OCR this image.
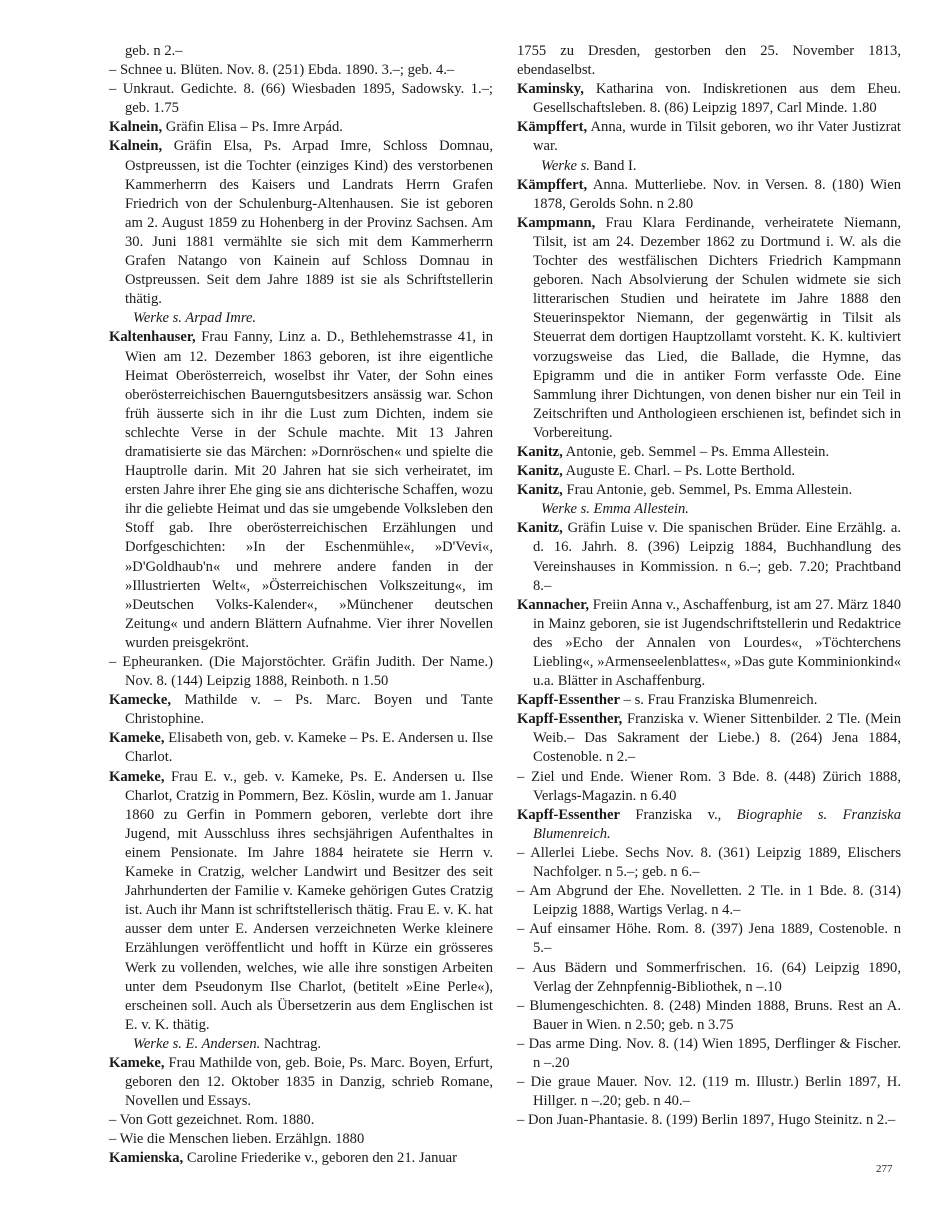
geb. n 2.–

– Schnee u. Blüten. Nov. 8. (251) Ebda. 1890. 3.–; geb. 4.–

– Unkraut. Gedichte. 8. (66) Wiesbaden 1895, Sadowsky. 1.–; geb. 1.75

Kalnein, Gräfin Elisa – Ps. Imre Arpád.

Kalnein, Gräfin Elsa, Ps. Arpad Imre, Schloss Domnau, Ostpreussen, ist die Tochter (einziges Kind) des verstorbenen Kammerherrn des Kaisers und Landrats Herrn Grafen Friedrich von der Schulenburg-Altenhausen. Sie ist geboren am 2. August 1859 zu Hohenberg in der Provinz Sachsen. Am 30. Juni 1881 vermählte sie sich mit dem Kammerherrn Grafen Natango von Kainein auf Schloss Domnau in Ostpreussen. Seit dem Jahre 1889 ist sie als Schriftstellerin thätig.

Werke s. Arpad Imre.

Kaltenhauser, Frau Fanny, Linz a. D., Bethlehemstrasse 41, in Wien am 12. Dezember 1863 geboren, ist ihre eigentliche Heimat Oberösterreich, woselbst ihr Vater, der Sohn eines oberösterreichischen Bauerngutsbesitzers ansässig war. Schon früh äusserte sich in ihr die Lust zum Dichten, indem sie schlechte Verse in der Schule machte. Mit 13 Jahren dramatisierte sie das Märchen: »Dornröschen« und spielte die Hauptrolle darin. Mit 20 Jahren hat sie sich verheiratet, im ersten Jahre ihrer Ehe ging sie ans dichterische Schaffen, wozu ihr die geliebte Heimat und das sie umgebende Volksleben den Stoff gab. Ihre oberösterreichischen Erzählungen und Dorfgeschichten: »In der Eschenmühle«, »D'Vevi«, »D'Goldhaub'n« und mehrere andere fanden in der »Illustrierten Welt«, »Österreichischen Volkszeitung«, im »Deutschen Volks-Kalender«, »Münchener deutschen Zeitung« und andern Blättern Aufnahme. Vier ihrer Novellen wurden preisgekrönt.

– Epheuranken. (Die Majorstöchter. Gräfin Judith. Der Name.) Nov. 8. (144) Leipzig 1888, Reinboth. n 1.50

Kamecke, Mathilde v. – Ps. Marc. Boyen und Tante Christophine.

Kameke, Elisabeth von, geb. v. Kameke – Ps. E. Andersen u. Ilse Charlot.

Kameke, Frau E. v., geb. v. Kameke, Ps. E. Andersen u. Ilse Charlot, Cratzig in Pommern, Bez. Köslin, wurde am 1. Januar 1860 zu Gerfin in Pommern geboren, verlebte dort ihre Jugend, mit Ausschluss ihres sechsjährigen Aufenthaltes in einem Pensionate. Im Jahre 1884 heiratete sie Herrn v. Kameke in Cratzig, welcher Landwirt und Besitzer des seit Jahrhunderten der Familie v. Kameke gehörigen Gutes Cratzig ist. Auch ihr Mann ist schriftstellerisch thätig. Frau E. v. K. hat ausser dem unter E. Andersen verzeichneten Werke kleinere Erzählungen veröffentlicht und hofft in Kürze ein grösseres Werk zu vollenden, welches, wie alle ihre sonstigen Arbeiten unter dem Pseudonym Ilse Charlot, (betitelt »Eine Perle«), erscheinen soll. Auch als Übersetzerin aus dem Englischen ist E. v. K. thätig.

Werke s. E. Andersen. Nachtrag.

Kameke, Frau Mathilde von, geb. Boie, Ps. Marc. Boyen, Erfurt, geboren den 12. Oktober 1835 in Danzig, schrieb Romane, Novellen und Essays.

– Von Gott gezeichnet. Rom. 1880.

– Wie die Menschen lieben. Erzählgn. 1880

Kamienska, Caroline Friederike v., geboren den 21. Januar

1755 zu Dresden, gestorben den 25. November 1813, ebendaselbst.

Kaminsky, Katharina von. Indiskretionen aus dem Eheu. Gesellschaftsleben. 8. (86) Leipzig 1897, Carl Minde. 1.80

Kämpffert, Anna, wurde in Tilsit geboren, wo ihr Vater Justizrat war.

Werke s. Band I.

Kämpffert, Anna. Mutterliebe. Nov. in Versen. 8. (180) Wien 1878, Gerolds Sohn. n 2.80

Kampmann, Frau Klara Ferdinande, verheiratete Niemann, Tilsit, ist am 24. Dezember 1862 zu Dortmund i. W. als die Tochter des westfälischen Dichters Friedrich Kampmann geboren. Nach Absolvierung der Schulen widmete sie sich litterarischen Studien und heiratete im Jahre 1888 den Steuerinspektor Niemann, der gegenwärtig in Tilsit als Steuerrat dem dortigen Hauptzollamt vorsteht. K. K. kultiviert vorzugsweise das Lied, die Ballade, die Hymne, das Epigramm und die in antiker Form verfasste Ode. Eine Sammlung ihrer Dichtungen, von denen bisher nur ein Teil in Zeitschriften und Anthologieen erschienen ist, befindet sich in Vorbereitung.

Kanitz, Antonie, geb. Semmel – Ps. Emma Allestein.

Kanitz, Auguste E. Charl. – Ps. Lotte Berthold.

Kanitz, Frau Antonie, geb. Semmel, Ps. Emma Allestein.

Werke s. Emma Allestein.

Kanitz, Gräfin Luise v. Die spanischen Brüder. Eine Erzählg. a. d. 16. Jahrh. 8. (396) Leipzig 1884, Buchhandlung des Vereinshauses in Kommission. n 6.–; geb. 7.20; Prachtband 8.–

Kannacher, Freiin Anna v., Aschaffenburg, ist am 27. März 1840 in Mainz geboren, sie ist Jugendschriftstellerin und Redaktrice des »Echo der Annalen von Lourdes«, »Töchterchens Liebling«, »Armenseelenblattes«, »Das gute Komminionkind« u.a. Blätter in Aschaffenburg.

Kapff-Essenther – s. Frau Franziska Blumenreich.

Kapff-Essenther, Franziska v. Wiener Sittenbilder. 2 Tle. (Mein Weib.– Das Sakrament der Liebe.) 8. (264) Jena 1884, Costenoble. n 2.–

– Ziel und Ende. Wiener Rom. 3 Bde. 8. (448) Zürich 1888, Verlags-Magazin. n 6.40

Kapff-Essenther Franziska v., Biographie s. Franziska Blumenreich.

– Allerlei Liebe. Sechs Nov. 8. (361) Leipzig 1889, Elischers Nachfolger. n 5.–; geb. n 6.–

– Am Abgrund der Ehe. Novelletten. 2 Tle. in 1 Bde. 8. (314) Leipzig 1888, Wartigs Verlag. n 4.–

– Auf einsamer Höhe. Rom. 8. (397) Jena 1889, Costenoble. n 5.–

– Aus Bädern und Sommerfrischen. 16. (64) Leipzig 1890, Verlag der Zehnpfennig-Bibliothek, n –.10

– Blumengeschichten. 8. (248) Minden 1888, Bruns. Rest an A. Bauer in Wien. n 2.50; geb. n 3.75

– Das arme Ding. Nov. 8. (14) Wien 1895, Derflinger & Fischer. n –.20

– Die graue Mauer. Nov. 12. (119 m. Illustr.) Berlin 1897, H. Hillger. n –.20; geb. n 40.–

– Don Juan-Phantasie. 8. (199) Berlin 1897, Hugo Steinitz. n 2.–

277
